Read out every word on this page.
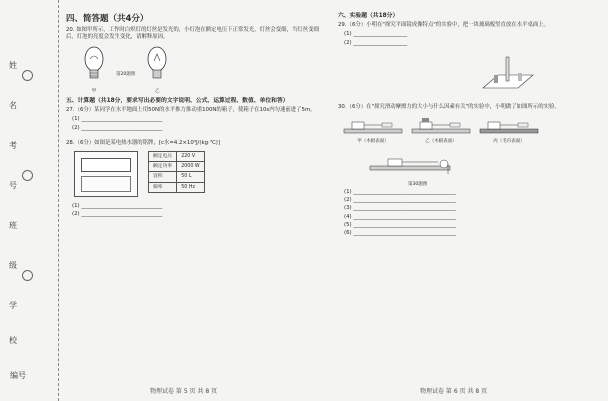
姓
名
考
号
班
级
学
校
编号
四、简答题（共4分）
20. 如图甲所示，工作时白炽灯的灯丝是发光的，小灯泡在额定电压下正常发光，灯丝会变细，当灯丝变细后，灯泡的亮度会发生变化，请解释原因。
甲
第20题图
乙
五、计算题（共18分，要求写出必要的文字说明、公式、运算过程、数值、单位和答）
27.（6分）某同学在水平地面上用50N的水平推力推动重100N的箱子，使箱子在10s内匀速前进了5m。
(1) ______________________________
(2) ______________________________
28.（6分）如图是某电热水器的铭牌，[c水=4.2×10³J/(kg·℃)]
额定电压	220 V
额定功率	2000 W
容积	50 L
频率	50 Hz
(1) ______________________________
(2) ______________________________
六、实验题（共18分）
29.（6分）小明在"探究平面镜成像特点"的实验中，把一块玻璃板竖直放在水平桌面上。
(1) ____________________
(2) ____________________
30.（6分）在"探究滑动摩擦力的大小与什么因素有关"的实验中，小明做了如图所示的实验。
甲（木板表面）	乙（木板表面）	丙（毛巾表面）
第30题图
(1) ______________________________________
(2) ______________________________________
(3) ______________________________________
(4) ______________________________________
(5) ______________________________________
(6) ______________________________________
物理试卷 第 5 页 共 8 页	物理试卷 第 6 页 共 8 页
